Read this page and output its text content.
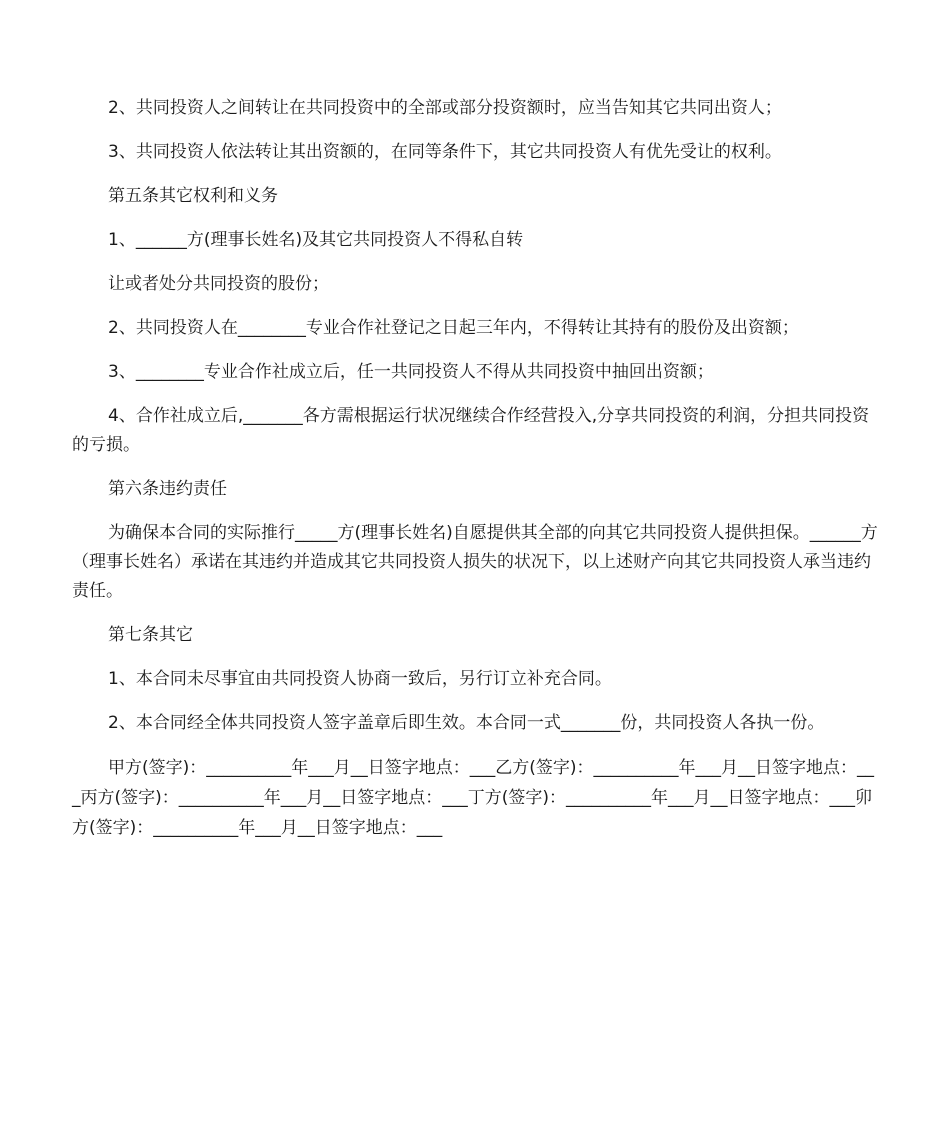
2、共同投资人之间转让在共同投资中的全部或部分投资额时，应当告知其它共同出资人；

3、共同投资人依法转让其出资额的，在同等条件下，其它共同投资人有优先受让的权利。

第五条其它权利和义务

1、______方(理事长姓名)及其它共同投资人不得私自转

让或者处分共同投资的股份；

2、共同投资人在________专业合作社登记之日起三年内，不得转让其持有的股份及出资额；

3、________专业合作社成立后，任一共同投资人不得从共同投资中抽回出资额；

4、合作社成立后,_______各方需根据运行状况继续合作经营投入,分享共同投资的利润，分担共同投资的亏损。

第六条违约责任

为确保本合同的实际推行_____方(理事长姓名)自愿提供其全部的向其它共同投资人提供担保。______方（理事长姓名）承诺在其违约并造成其它共同投资人损失的状况下，以上述财产向其它共同投资人承当违约责任。

第七条其它

1、本合同未尽事宜由共同投资人协商一致后，另行订立补充合同。

2、本合同经全体共同投资人签字盖章后即生效。本合同一式_______份，共同投资人各执一份。

甲方(签字)：__________年___月__日签字地点：___乙方(签字)：__________年___月__日签字地点：___丙方(签字)：__________年___月__日签字地点：___丁方(签字)：__________年___月__日签字地点：___卯方(签字)：__________年___月__日签字地点：___
